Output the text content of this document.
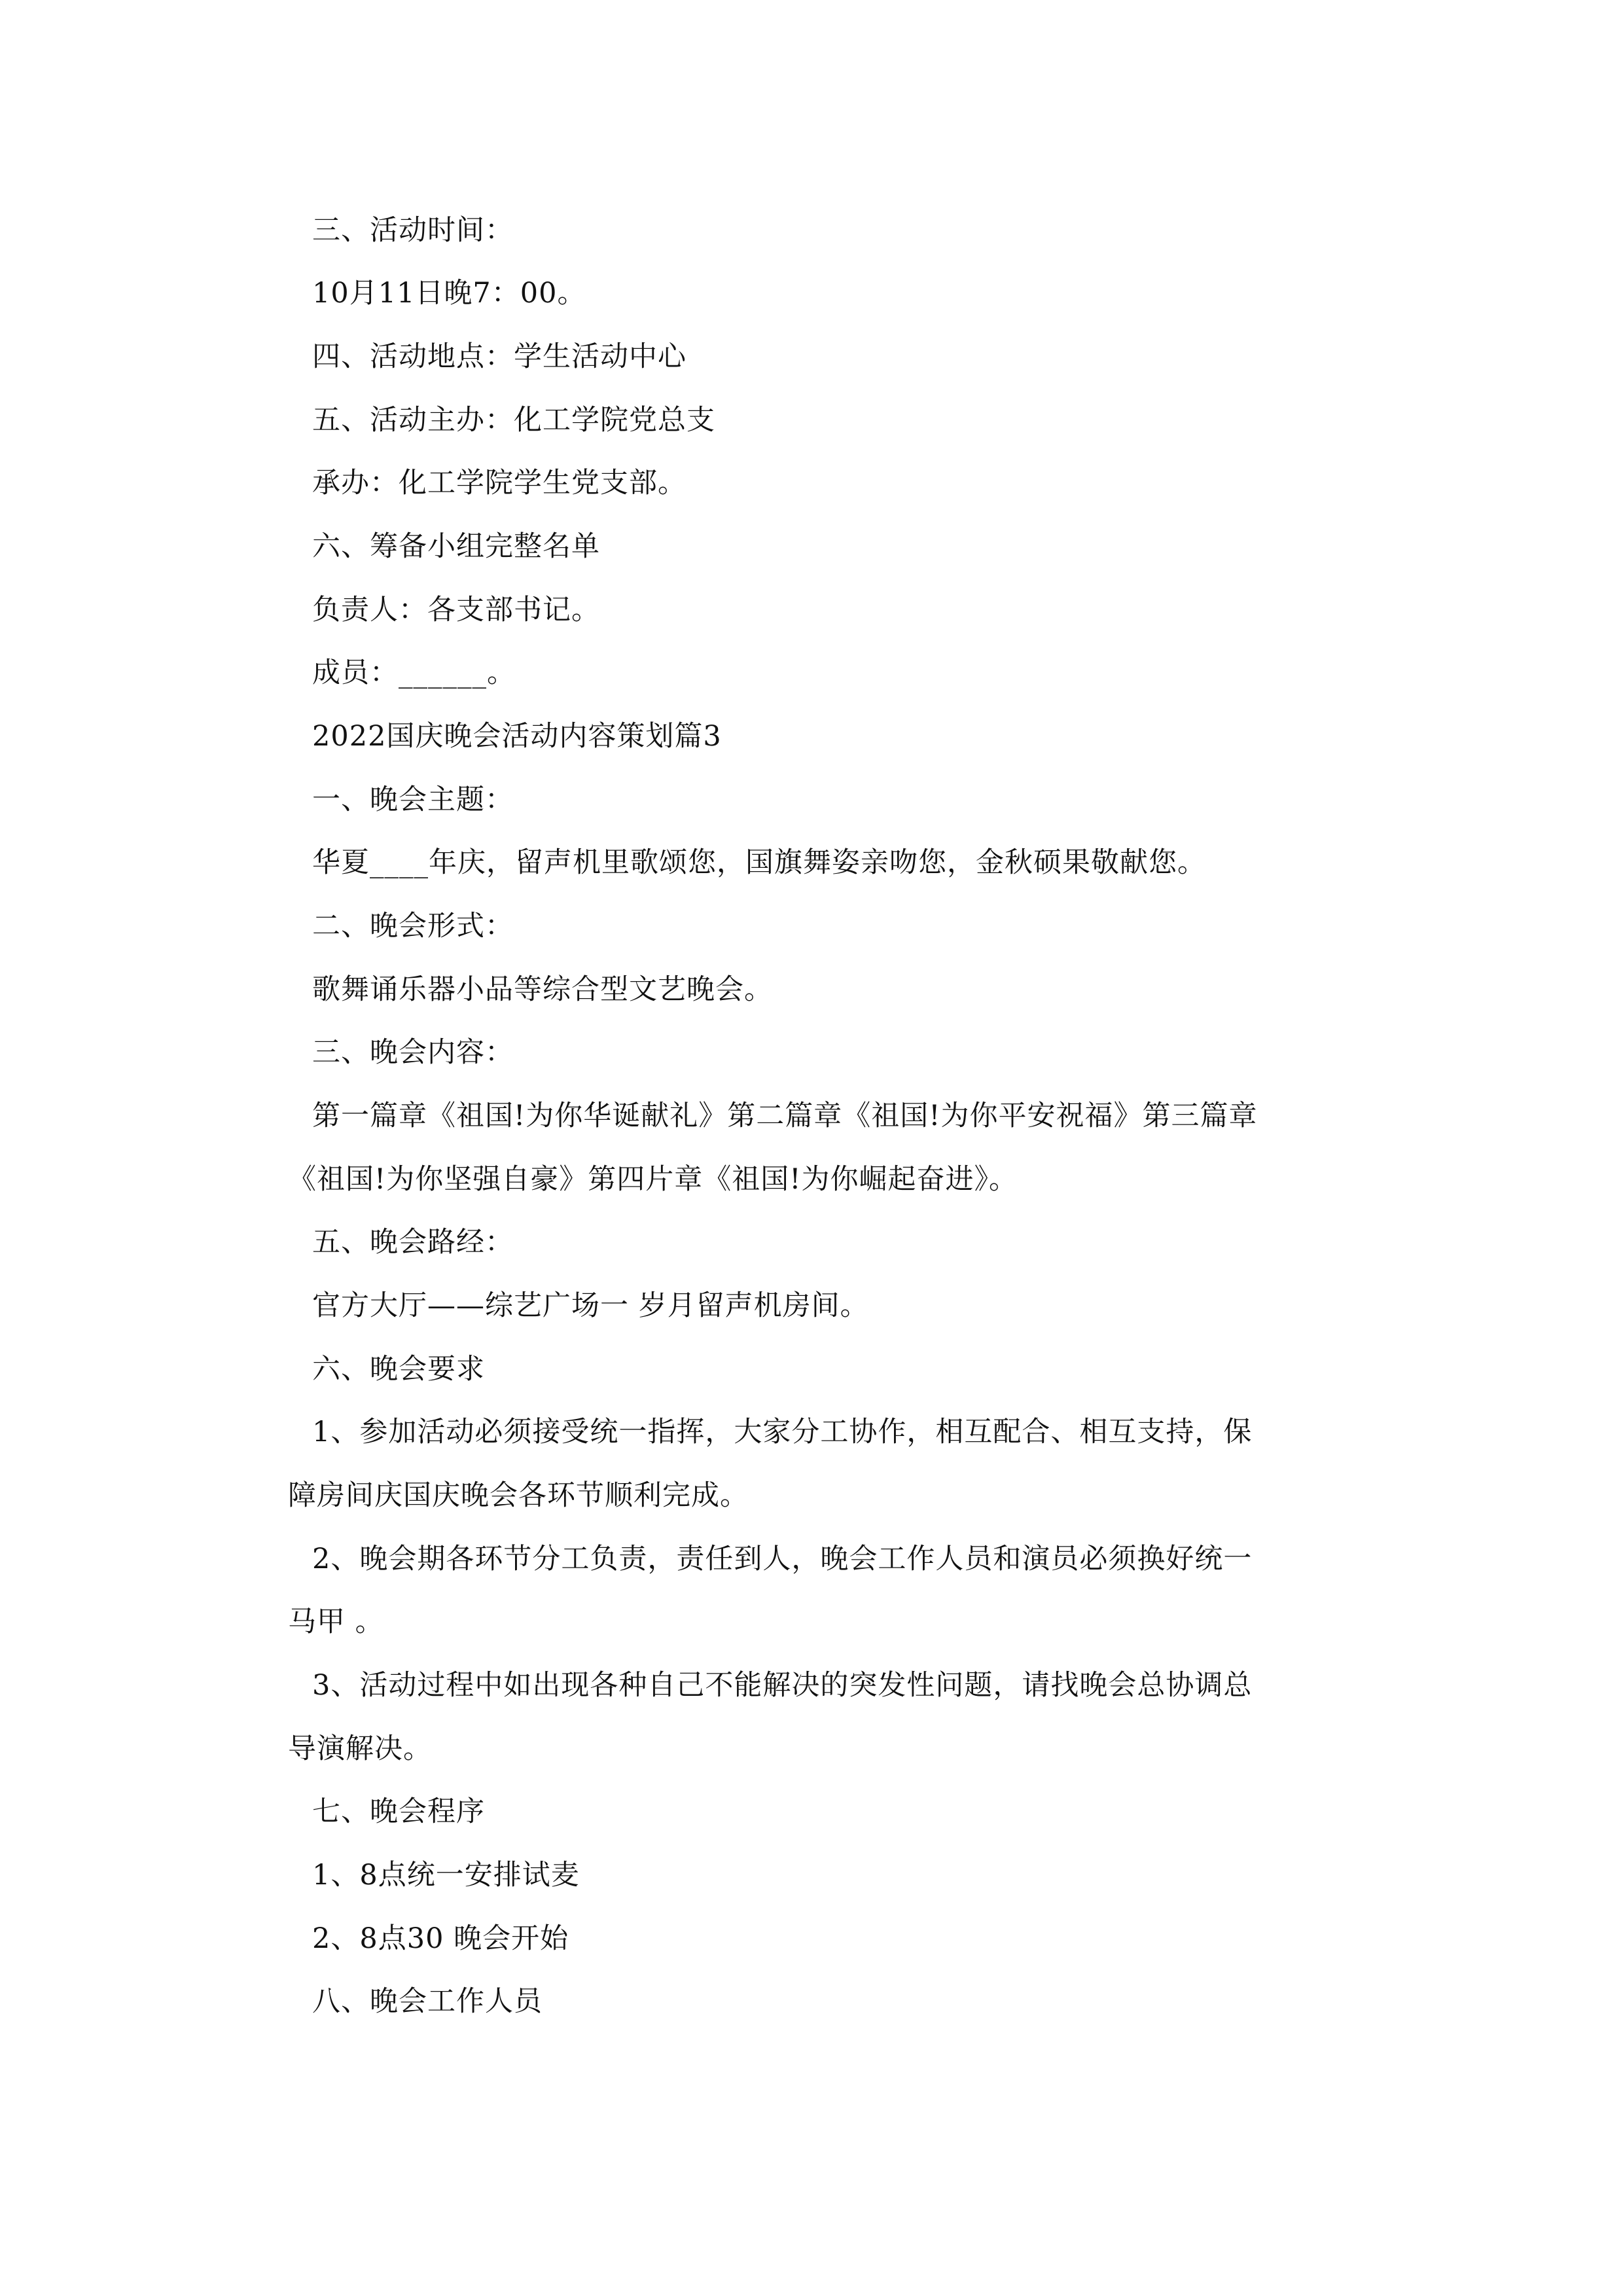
三、活动时间：
10月11日晚7：00。
四、活动地点：学生活动中心
五、活动主办：化工学院党总支
承办：化工学院学生党支部。
六、筹备小组完整名单
负责人：各支部书记。
成员：______。
2022国庆晚会活动内容策划篇3
一、晚会主题：
华夏____年庆，留声机里歌颂您，国旗舞姿亲吻您，金秋硕果敬献您。
二、晚会形式：
歌舞诵乐器小品等综合型文艺晚会。
三、晚会内容：
第一篇章《祖国!为你华诞献礼》第二篇章《祖国!为你平安祝福》第三篇章
《祖国!为你坚强自豪》第四片章《祖国!为你崛起奋进》。
五、晚会路经：
官方大厅——综艺广场一 岁月留声机房间。
六、晚会要求
1、参加活动必须接受统一指挥，大家分工协作，相互配合、相互支持，保
障房间庆国庆晚会各环节顺利完成。
2、晚会期各环节分工负责，责任到人，晚会工作人员和演员必须换好统一
马甲 。
3、活动过程中如出现各种自己不能解决的突发性问题，请找晚会总协调总
导演解决。
七、晚会程序
1、8点统一安排试麦
2、8点30 晚会开始
八、晚会工作人员
